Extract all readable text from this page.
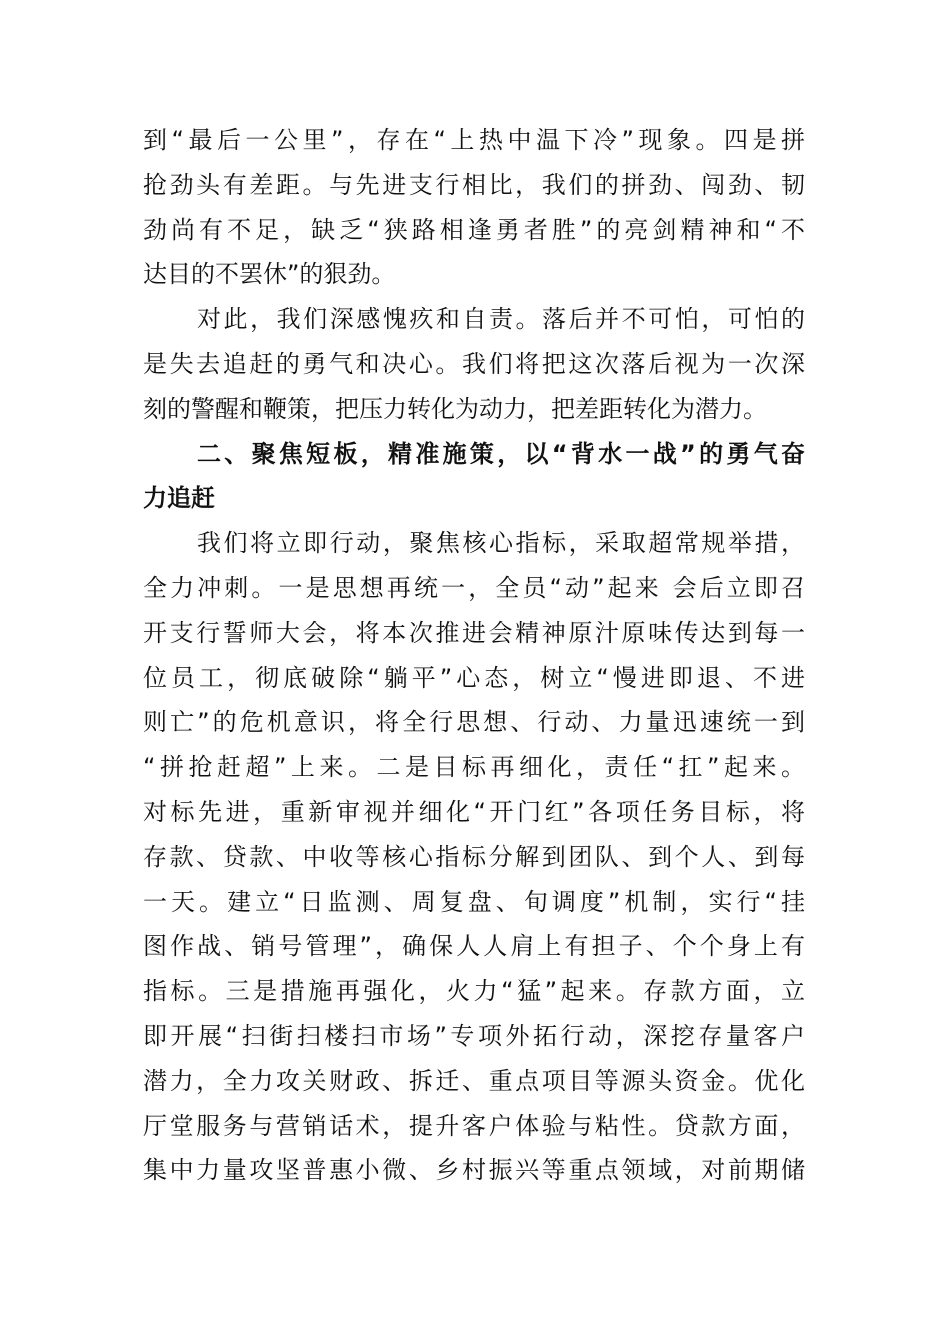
到“最后一公里”，存在“上热中温下冷”现象。四是拼
抢劲头有差距。与先进支行相比，我们的拼劲、闯劲、韧
劲尚有不足，缺乏“狭路相逢勇者胜”的亮剑精神和“不
达目的不罢休”的狠劲。
对此，我们深感愧疚和自责。落后并不可怕，可怕的
是失去追赶的勇气和决心。我们将把这次落后视为一次深
刻的警醒和鞭策，把压力转化为动力，把差距转化为潜力。
二、聚焦短板，精准施策，以“背水一战”的勇气奋
力追赶
我们将立即行动，聚焦核心指标，采取超常规举措，
全力冲刺。一是思想再统一，全员“动”起来 会后立即召
开支行誓师大会，将本次推进会精神原汁原味传达到每一
位员工，彻底破除“躺平”心态，树立“慢进即退、不进
则亡”的危机意识，将全行思想、行动、力量迅速统一到
“拼抢赶超”上来。二是目标再细化，责任“扛”起来。
对标先进，重新审视并细化“开门红”各项任务目标，将
存款、贷款、中收等核心指标分解到团队、到个人、到每
一天。建立“日监测、周复盘、旬调度”机制，实行“挂
图作战、销号管理”，确保人人肩上有担子、个个身上有
指标。三是措施再强化，火力“猛”起来。存款方面，立
即开展“扫街扫楼扫市场”专项外拓行动，深挖存量客户
潜力，全力攻关财政、拆迁、重点项目等源头资金。优化
厅堂服务与营销话术，提升客户体验与粘性。贷款方面，
集中力量攻坚普惠小微、乡村振兴等重点领域，对前期储
